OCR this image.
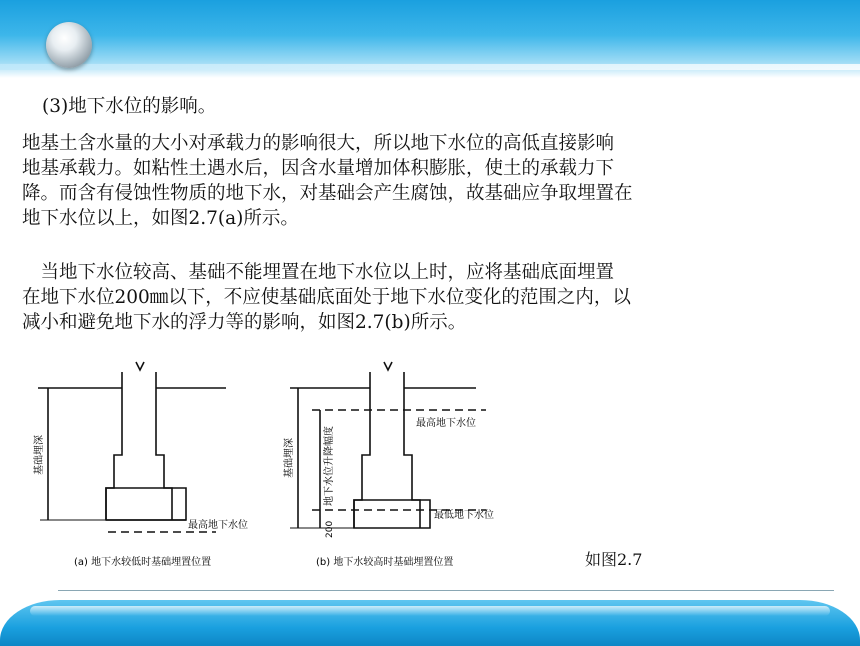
(3)地下水位的影响。
地基土含水量的大小对承载力的影响很大，所以地下水位的高低直接影响
地基承载力。如粘性土遇水后，因含水量增加体积膨胀，使土的承载力下
降。而含有侵蚀性物质的地下水，对基础会产生腐蚀，故基础应争取埋置在
地下水位以上，如图2.7(a)所示。
　当地下水位较高、基础不能埋置在地下水位以上时，应将基础底面埋置
在地下水位200㎜以下，不应使基础底面处于地下水位变化的范围之内，以
减小和避免地下水的浮力等的影响，如图2.7(b)所示。
基础埋深
最高地下水位
(a) 地下水较低时基础埋置位置
基础埋深	地下水位升降幅度
200
最高地下水位
最低地下水位
(b) 地下水较高时基础埋置位置	如图2.7
